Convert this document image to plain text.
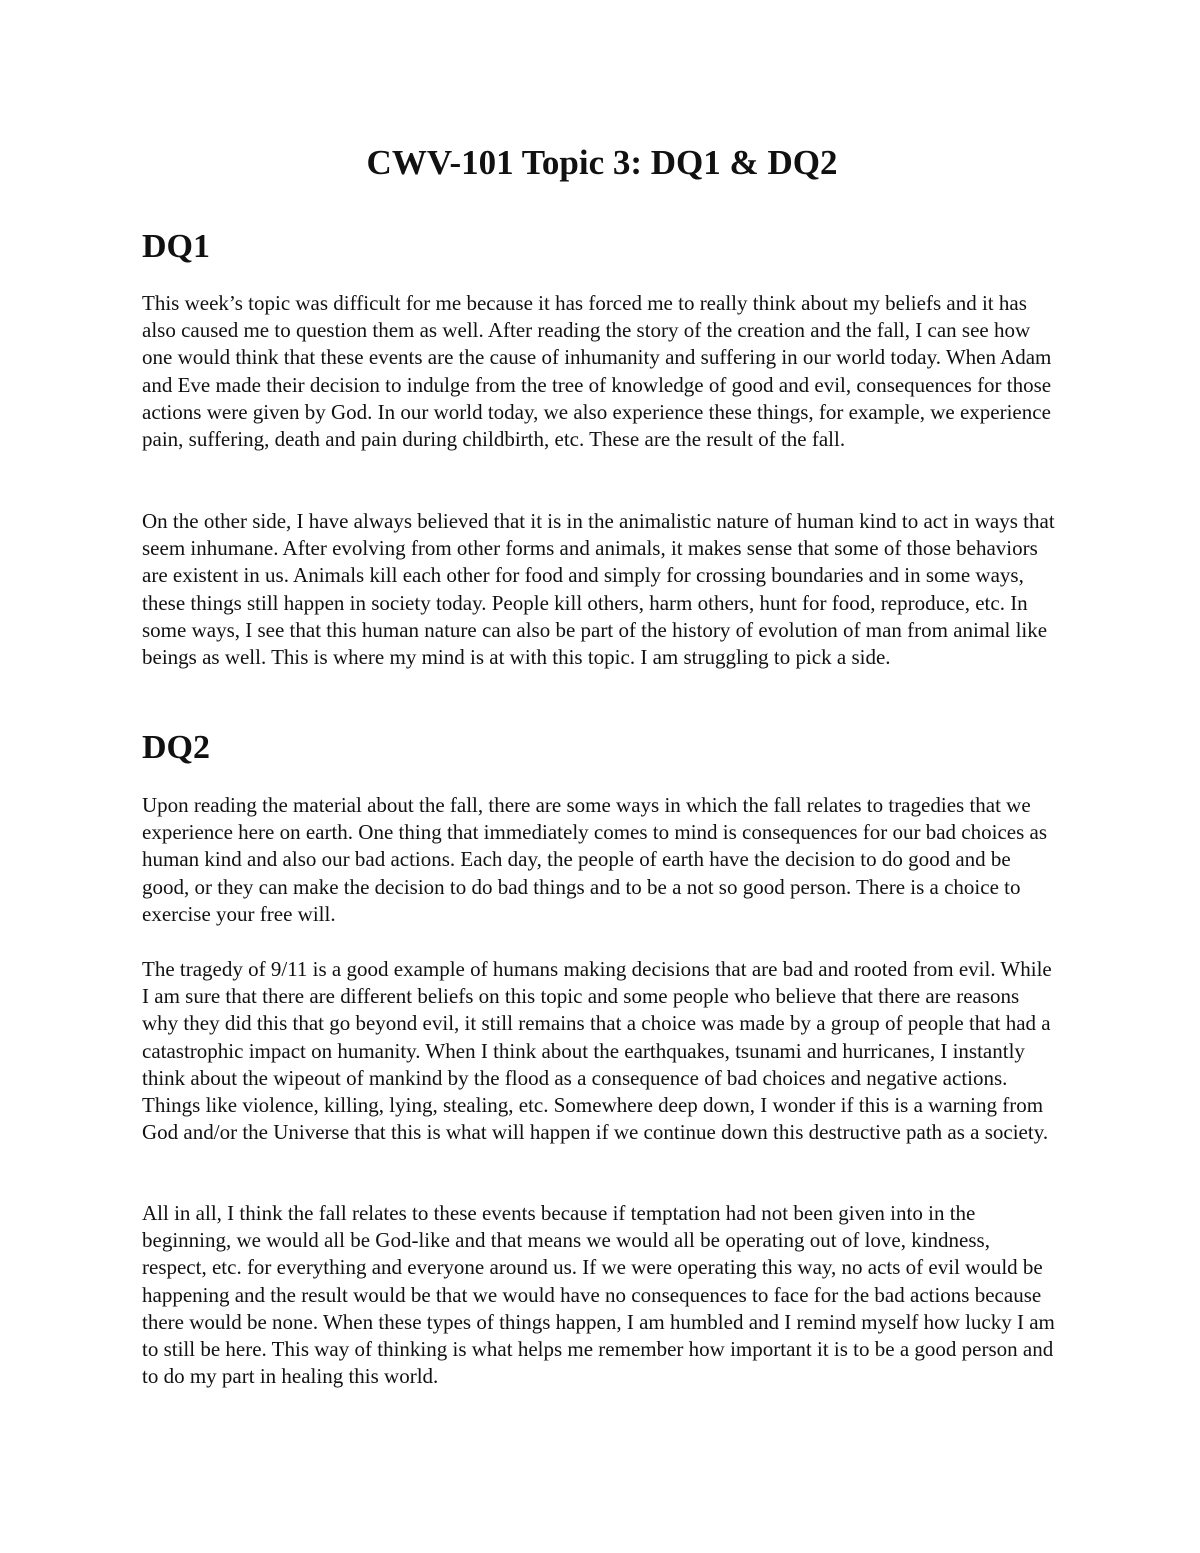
CWV-101 Topic 3: DQ1 & DQ2
DQ1

This week’s topic was difficult for me because it has forced me to really think about my beliefs and it has also caused me to question them as well. After reading the story of the creation and the fall, I can see how one would think that these events are the cause of inhumanity and suffering in our world today. When Adam and Eve made their decision to indulge from the tree of knowledge of good and evil, consequences for those actions were given by God. In our world today, we also experience these things, for example, we experience pain, suffering, death and pain during childbirth, etc. These are the result of the fall.

On the other side, I have always believed that it is in the animalistic nature of human kind to act in ways that seem inhumane. After evolving from other forms and animals, it makes sense that some of those behaviors are existent in us. Animals kill each other for food and simply for crossing boundaries and in some ways, these things still happen in society today. People kill others, harm others, hunt for food, reproduce, etc. In some ways, I see that this human nature can also be part of the history of evolution of man from animal like beings as well. This is where my mind is at with this topic. I am struggling to pick a side.

DQ2

Upon reading the material about the fall, there are some ways in which the fall relates to tragedies that we experience here on earth. One thing that immediately comes to mind is consequences for our bad choices as human kind and also our bad actions. Each day, the people of earth have the decision to do good and be good, or they can make the decision to do bad things and to be a not so good person. There is a choice to exercise your free will.

The tragedy of 9/11 is a good example of humans making decisions that are bad and rooted from evil. While I am sure that there are different beliefs on this topic and some people who believe that there are reasons why they did this that go beyond evil, it still remains that a choice was made by a group of people that had a catastrophic impact on humanity. When I think about the earthquakes, tsunami and hurricanes, I instantly think about the wipeout of mankind by the flood as a consequence of bad choices and negative actions. Things like violence, killing, lying, stealing, etc. Somewhere deep down, I wonder if this is a warning from God and/or the Universe that this is what will happen if we continue down this destructive path as a society.

All in all, I think the fall relates to these events because if temptation had not been given into in the beginning, we would all be God-like and that means we would all be operating out of love, kindness, respect, etc. for everything and everyone around us. If we were operating this way, no acts of evil would be happening and the result would be that we would have no consequences to face for the bad actions because there would be none. When these types of things happen, I am humbled and I remind myself how lucky I am to still be here. This way of thinking is what helps me remember how important it is to be a good person and to do my part in healing this world.
